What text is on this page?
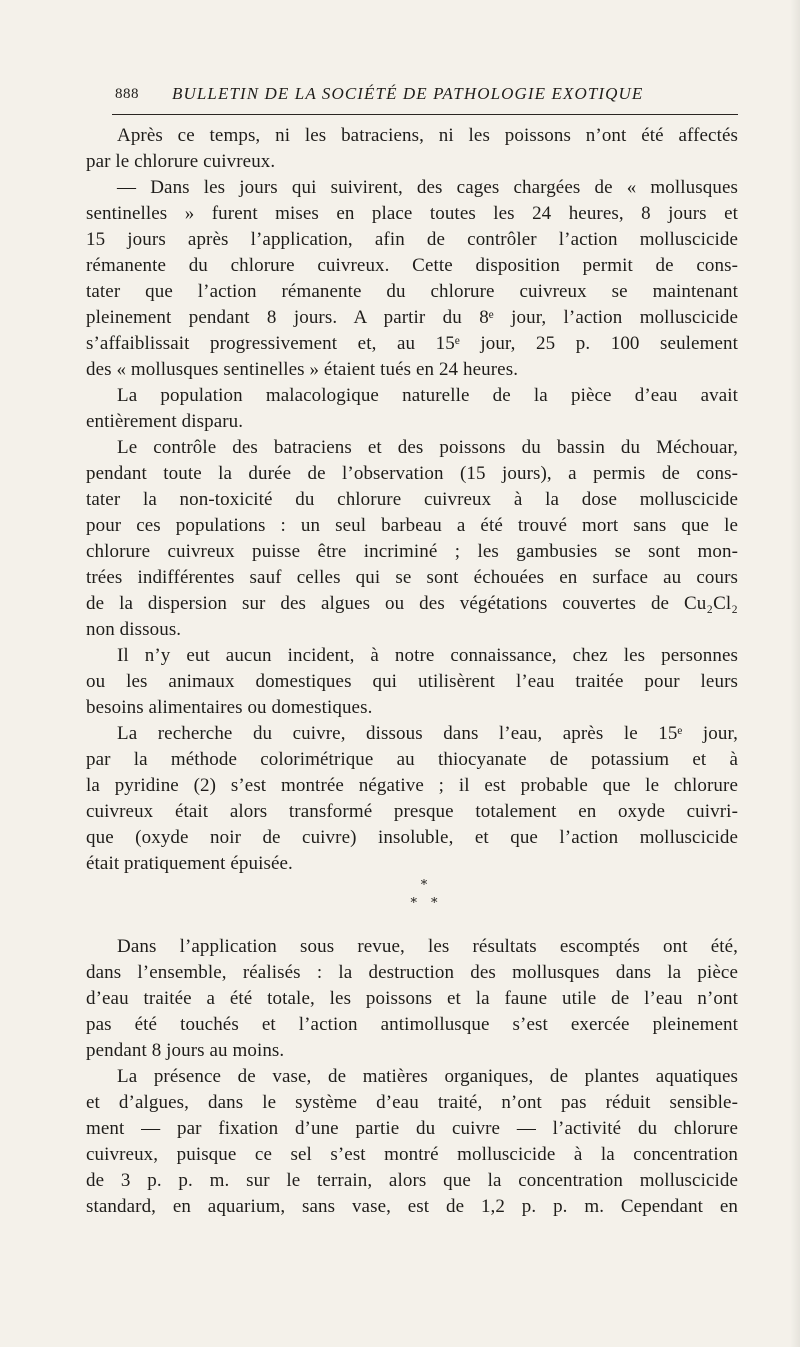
888 BULLETIN DE LA SOCIÉTÉ DE PATHOLOGIE EXOTIQUE
Après ce temps, ni les batraciens, ni les poissons n’ont été affectés
par le chlorure cuivreux.
— Dans les jours qui suivirent, des cages chargées de « mollusques
sentinelles » furent mises en place toutes les 24 heures, 8 jours et
15 jours après l’application, afin de contrôler l’action molluscicide
rémanente du chlorure cuivreux. Cette disposition permit de cons-
tater que l’action rémanente du chlorure cuivreux se maintenant
pleinement pendant 8 jours. A partir du 8ᵉ jour, l’action molluscicide
s’affaiblissait progressivement et, au 15ᵉ jour, 25 p. 100 seulement
des « mollusques sentinelles » étaient tués en 24 heures.
La population malacologique naturelle de la pièce d’eau avait
entièrement disparu.
Le contrôle des batraciens et des poissons du bassin du Méchouar,
pendant toute la durée de l’observation (15 jours), a permis de cons-
tater la non-toxicité du chlorure cuivreux à la dose molluscicide
pour ces populations : un seul barbeau a été trouvé mort sans que le
chlorure cuivreux puisse être incriminé ; les gambusies se sont mon-
trées indifférentes sauf celles qui se sont échouées en surface au cours
de la dispersion sur des algues ou des végétations couvertes de Cu₂Cl₂
non dissous.
Il n’y eut aucun incident, à notre connaissance, chez les personnes
ou les animaux domestiques qui utilisèrent l’eau traitée pour leurs
besoins alimentaires ou domestiques.
La recherche du cuivre, dissous dans l’eau, après le 15ᵉ jour,
par la méthode colorimétrique au thiocyanate de potassium et à
la pyridine (2) s’est montrée négative ; il est probable que le chlorure
cuivreux était alors transformé presque totalement en oxyde cuivri-
que (oxyde noir de cuivre) insoluble, et que l’action molluscicide
était pratiquement épuisée.
*
* *
Dans l’application sous revue, les résultats escomptés ont été,
dans l’ensemble, réalisés : la destruction des mollusques dans la pièce
d’eau traitée a été totale, les poissons et la faune utile de l’eau n’ont
pas été touchés et l’action antimollusque s’est exercée pleinement
pendant 8 jours au moins.
La présence de vase, de matières organiques, de plantes aquatiques
et d’algues, dans le système d’eau traité, n’ont pas réduit sensible-
ment — par fixation d’une partie du cuivre — l’activité du chlorure
cuivreux, puisque ce sel s’est montré molluscicide à la concentration
de 3 p. p. m. sur le terrain, alors que la concentration molluscicide
standard, en aquarium, sans vase, est de 1,2 p. p. m. Cependant en
